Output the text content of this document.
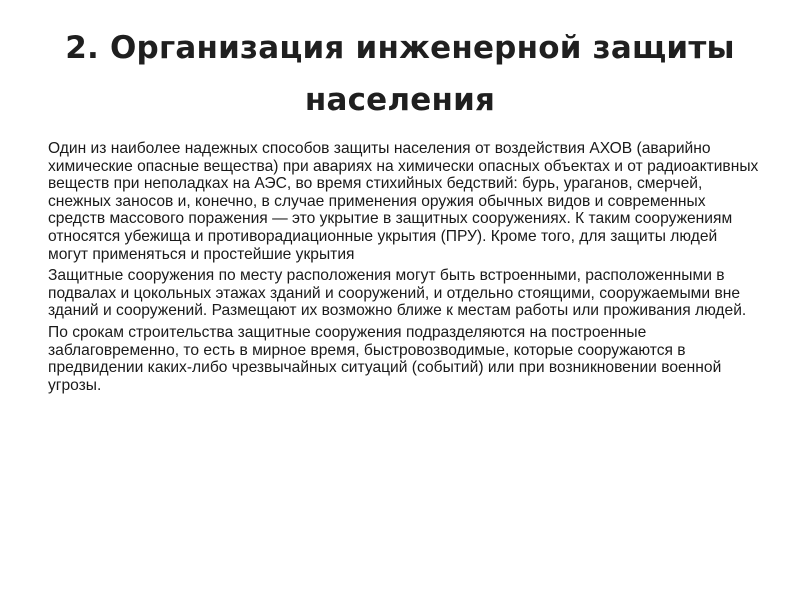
2. Организация инженерной защиты населения

Один из наиболее надежных способов защиты населения от воздействия АХОВ (аварийно химические опасные вещества) при авариях на химически опасных объектах и от радиоактивных веществ при неполадках на АЭС, во время стихийных бедствий: бурь, ураганов, смерчей, снежных заносов и, конечно, в случае применения оружия обычных видов и современных средств массового поражения — это укрытие в защитных сооружениях. К таким сооружениям относятся убежища и противорадиационные укрытия (ПРУ). Кроме того, для защиты людей могут применяться и простейшие укрытия

Защитные сооружения по месту расположения могут быть встроенными, расположенными в подвалах и цокольных этажах зданий и сооружений, и отдельно стоящими, сооружаемыми вне зданий и сооружений. Размещают их возможно ближе к местам работы или проживания людей.

По срокам строительства защитные сооружения подразделяются на построенные заблаговременно, то есть в мирное время, быстровозводимые, которые сооружаются в предвидении каких-либо чрезвычайных ситуаций (событий) или при возникновении военной угрозы.
